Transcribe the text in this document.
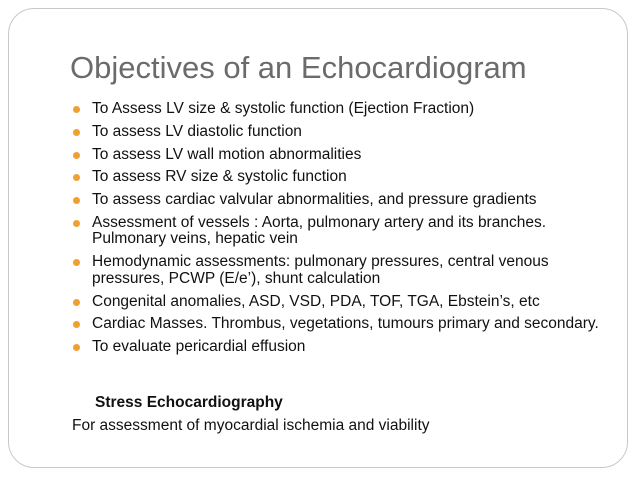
Objectives of an Echocardiogram
To Assess LV size & systolic function (Ejection Fraction)
To assess LV diastolic function
To assess LV wall motion abnormalities
To assess RV size & systolic function
To assess cardiac valvular abnormalities, and pressure gradients
Assessment of vessels : Aorta, pulmonary artery and its branches. Pulmonary veins, hepatic vein
Hemodynamic assessments: pulmonary pressures, central venous pressures, PCWP (E/e’), shunt calculation
Congenital anomalies, ASD, VSD, PDA, TOF, TGA, Ebstein’s, etc
Cardiac Masses. Thrombus, vegetations, tumours primary and secondary.
To evaluate pericardial effusion
Stress Echocardiography
For assessment of myocardial ischemia and viability
